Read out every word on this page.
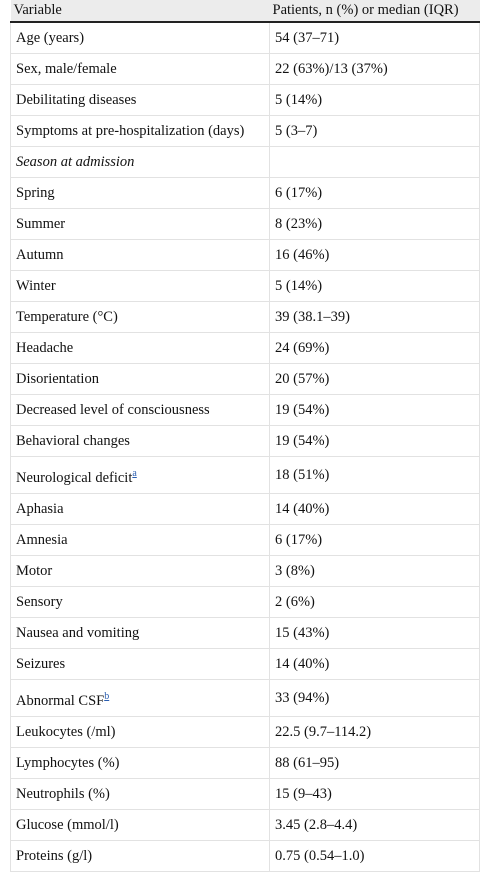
Variable	Patients, n (%) or median (IQR)
Age (years)	54 (37–71)
Sex, male/female	22 (63%)/13 (37%)
Debilitating diseases	5 (14%)
Symptoms at pre-hospitalization (days)	5 (3–7)
Season at admission	
Spring	6 (17%)
Summer	8 (23%)
Autumn	16 (46%)
Winter	5 (14%)
Temperature (°C)	39 (38.1–39)
Headache	24 (69%)
Disorientation	20 (57%)
Decreased level of consciousness	19 (54%)
Behavioral changes	19 (54%)
Neurological deficit$^a$	18 (51%)
Aphasia	14 (40%)
Amnesia	6 (17%)
Motor	3 (8%)
Sensory	2 (6%)
Nausea and vomiting	15 (43%)
Seizures	14 (40%)
Abnormal CSF$^b$	33 (94%)
Leukocytes (/ml)	22.5 (9.7–114.2)
Lymphocytes (%)	88 (61–95)
Neutrophils (%)	15 (9–43)
Glucose (mmol/l)	3.45 (2.8–4.4)
Proteins (g/l)	0.75 (0.54–1.0)
